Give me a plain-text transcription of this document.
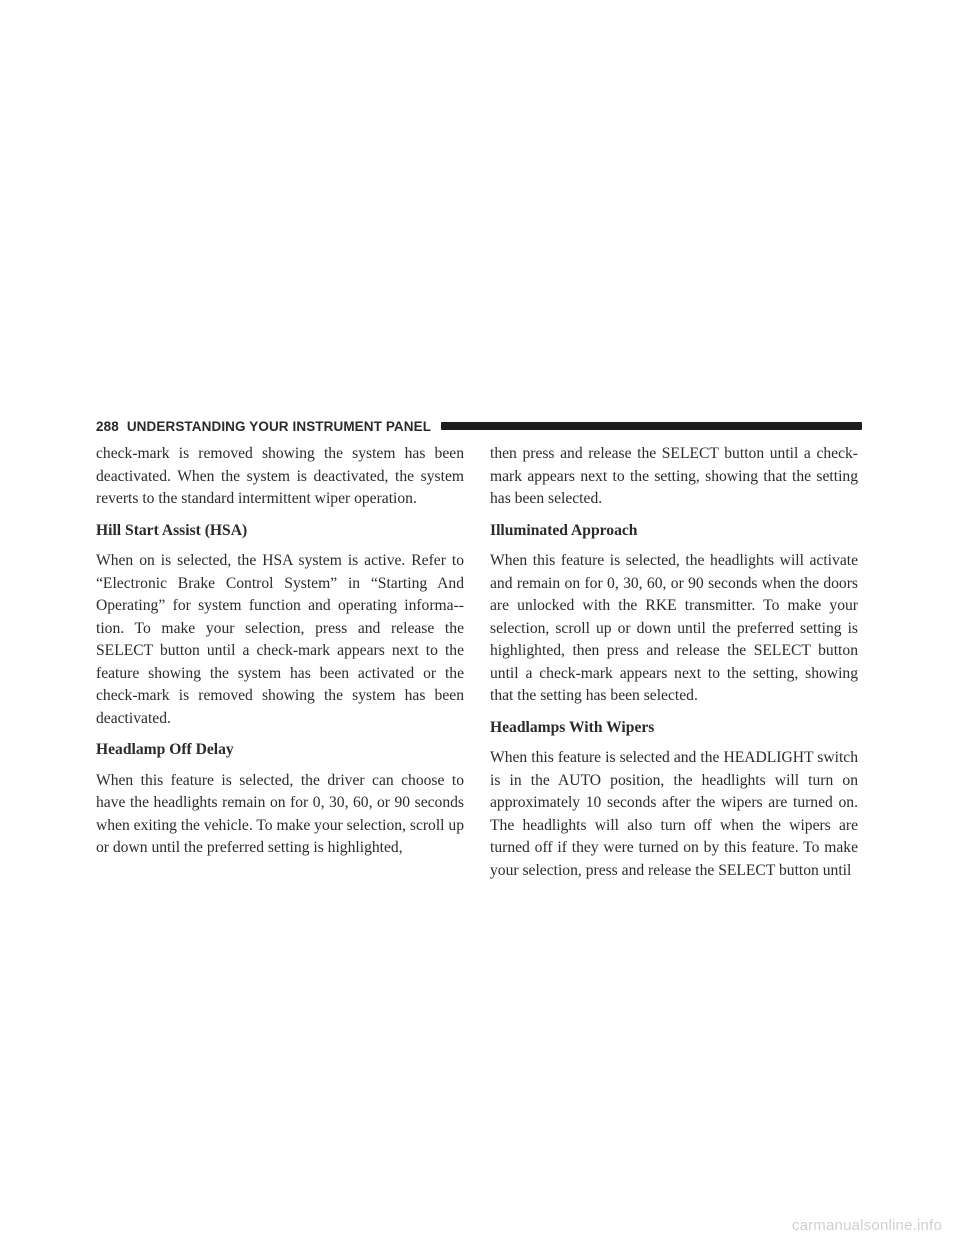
288 UNDERSTANDING YOUR INSTRUMENT PANEL

check-mark is removed showing the system has been deactivated. When the system is deactivated, the system reverts to the standard intermittent wiper operation.

Hill Start Assist (HSA)

When on is selected, the HSA system is active. Refer to “Electronic Brake Control System” in “Starting And Operating” for system function and operating informa-tion. To make your selection, press and release the SELECT button until a check-mark appears next to the feature showing the system has been activated or the check-mark is removed showing the system has been deactivated.

Headlamp Off Delay

When this feature is selected, the driver can choose to have the headlights remain on for 0, 30, 60, or 90 seconds when exiting the vehicle. To make your selection, scroll up or down until the preferred setting is highlighted,

then press and release the SELECT button until a check-mark appears next to the setting, showing that the setting has been selected.

Illuminated Approach

When this feature is selected, the headlights will activate and remain on for 0, 30, 60, or 90 seconds when the doors are unlocked with the RKE transmitter. To make your selection, scroll up or down until the preferred setting is highlighted, then press and release the SELECT button until a check-mark appears next to the setting, showing that the setting has been selected.

Headlamps With Wipers

When this feature is selected and the HEADLIGHT switch is in the AUTO position, the headlights will turn on approximately 10 seconds after the wipers are turned on. The headlights will also turn off when the wipers are turned off if they were turned on by this feature. To make your selection, press and release the SELECT button until

carmanualsonline.info
